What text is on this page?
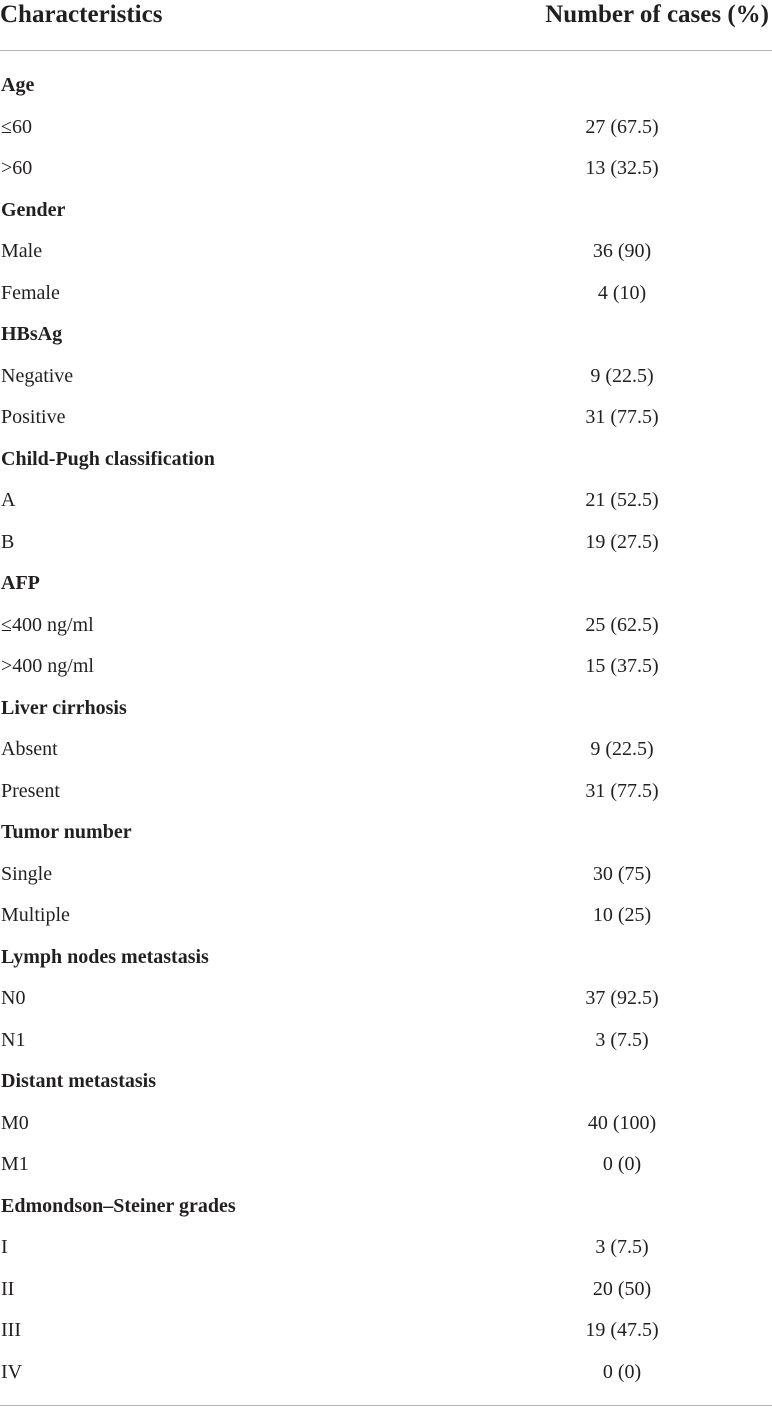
Characteristics	Number of cases (%)
Age
≤60	27 (67.5)
>60	13 (32.5)
Gender
Male	36 (90)
Female	4 (10)
HBsAg
Negative	9 (22.5)
Positive	31 (77.5)
Child-Pugh classification
A	21 (52.5)
B	19 (27.5)
AFP
≤400 ng/ml	25 (62.5)
>400 ng/ml	15 (37.5)
Liver cirrhosis
Absent	9 (22.5)
Present	31 (77.5)
Tumor number
Single	30 (75)
Multiple	10 (25)
Lymph nodes metastasis
N0	37 (92.5)
N1	3 (7.5)
Distant metastasis
M0	40 (100)
M1	0 (0)
Edmondson–Steiner grades
I	3 (7.5)
II	20 (50)
III	19 (47.5)
IV	0 (0)
